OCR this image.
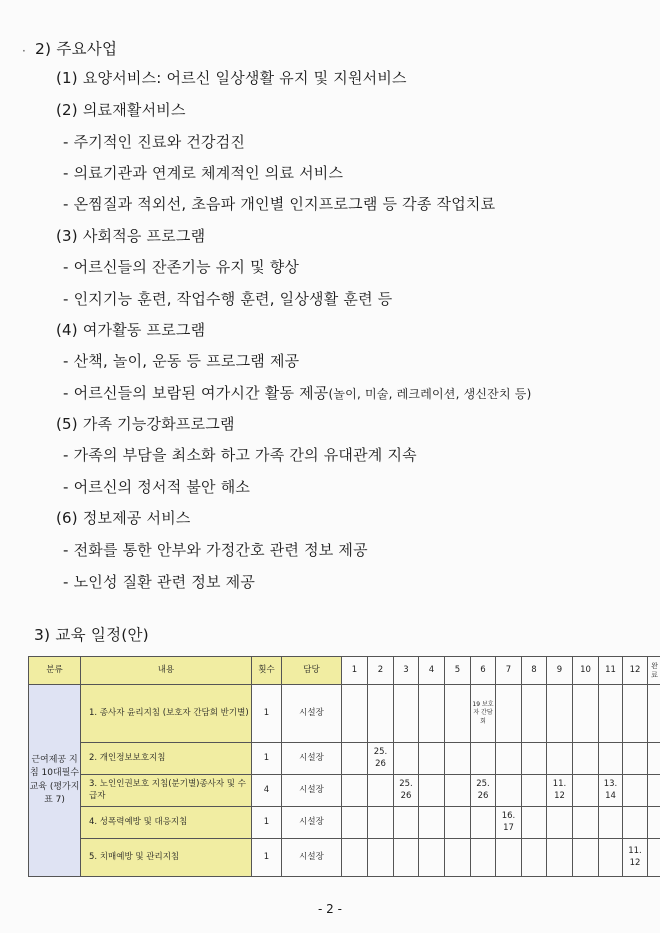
·
(1) 요양서비스: 어르신 일상생활 유지 및 지원서비스
(2) 의료재활서비스
- 주기적인 진료와 건강검진
- 의료기관과 연계로 체계적인 의료 서비스
- 온찜질과 적외선, 초음파 개인별 인지프로그램 등 각종 작업치료
(3) 사회적응 프로그램
- 어르신들의 잔존기능 유지 및 향상
- 인지기능 훈련, 작업수행 훈련, 일상생활 훈련 등
(4) 여가활동 프로그램
- 산책, 놀이, 운동 등 프로그램 제공
- 어르신들의 보람된 여가시간 활동 제공(놀이, 미술, 레크레이션, 생신잔치 등)
(5) 가족 기능강화프로그램
- 가족의 부담을 최소화 하고 가족 간의 유대관계 지속
- 어르신의 정서적 불안 해소
(6) 정보제공 서비스
- 전화를 통한 안부와 가정간호 관련 정보 제공
- 노인성 질환 관련 정보 제공
2) 주요사업
3) 교육 일정(안)
분류	내용	횟수	담당	1	2	3	4	5	6	7	8	9	10	11	12	완료
근여제공 지침 10대필수 교육 (평가지표 7)	1. 종사자 윤리지침 (보호자 간담회 반기별)	1	시설장						19 보호자 간담회							
	2. 개인정보보호지침	1	시설장		25. 26											
	3. 노인인권보호 지침(분기별)종사자 및 수급자	4	시설장			25. 26			25. 26			11. 12		13. 14		
	4. 성폭력예방 및 대응지침	1	시설장							16. 17						
	5. 치매예방 및 관리지침	1	시설장												11. 12	
- 2 -
